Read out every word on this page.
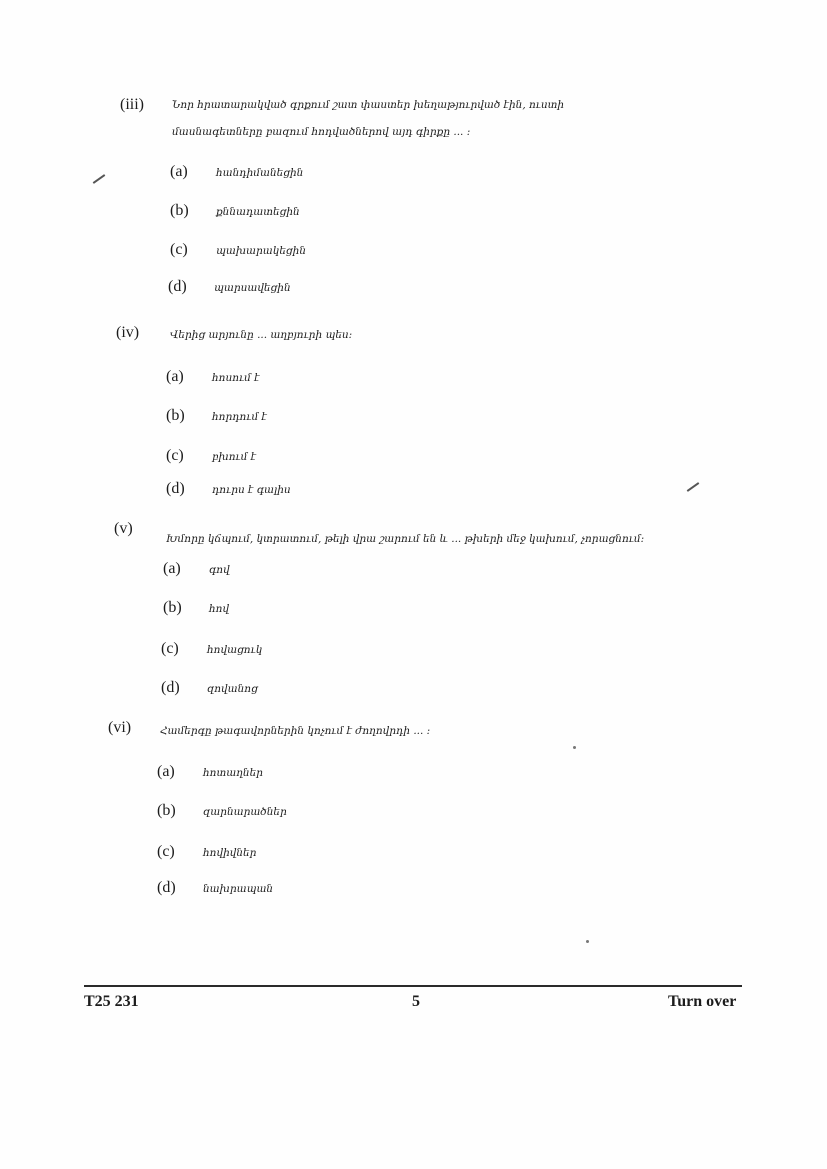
(iii)	Նոր հրատարակված գրքում շատ փաստեր խեղաթյուրված էին, ուստի
մասնագետները բազում հոդվածներով այդ գիրքը ... ։
(a)	հանդիմանեցին
(b)	քննադատեցին
(c)	պախարակեցին
(d)	պարսավեցին
(iv)	Վերից արյունը ... աղբյուրի պես։
(a)	հոսում է
(b)	հորդում է
(c)	բխում է
(d)	դուրս է գալիս
(v)
Խմորը կճպում, կտրատում, թելի վրա շարում են և ... թխերի մեջ կախում, չորացնում։
(a)	գով
(b)	հով
(c)	հովացուկ
(d)	զովանոց
(vi)	Համերգը թագավորներին կոչում է ժողովրդի ... ։
(a)	հոտաղներ
(b)	զարնարածներ
(c)	հովիվներ
(d)	նախրապան
T25 231	5	Turn over
